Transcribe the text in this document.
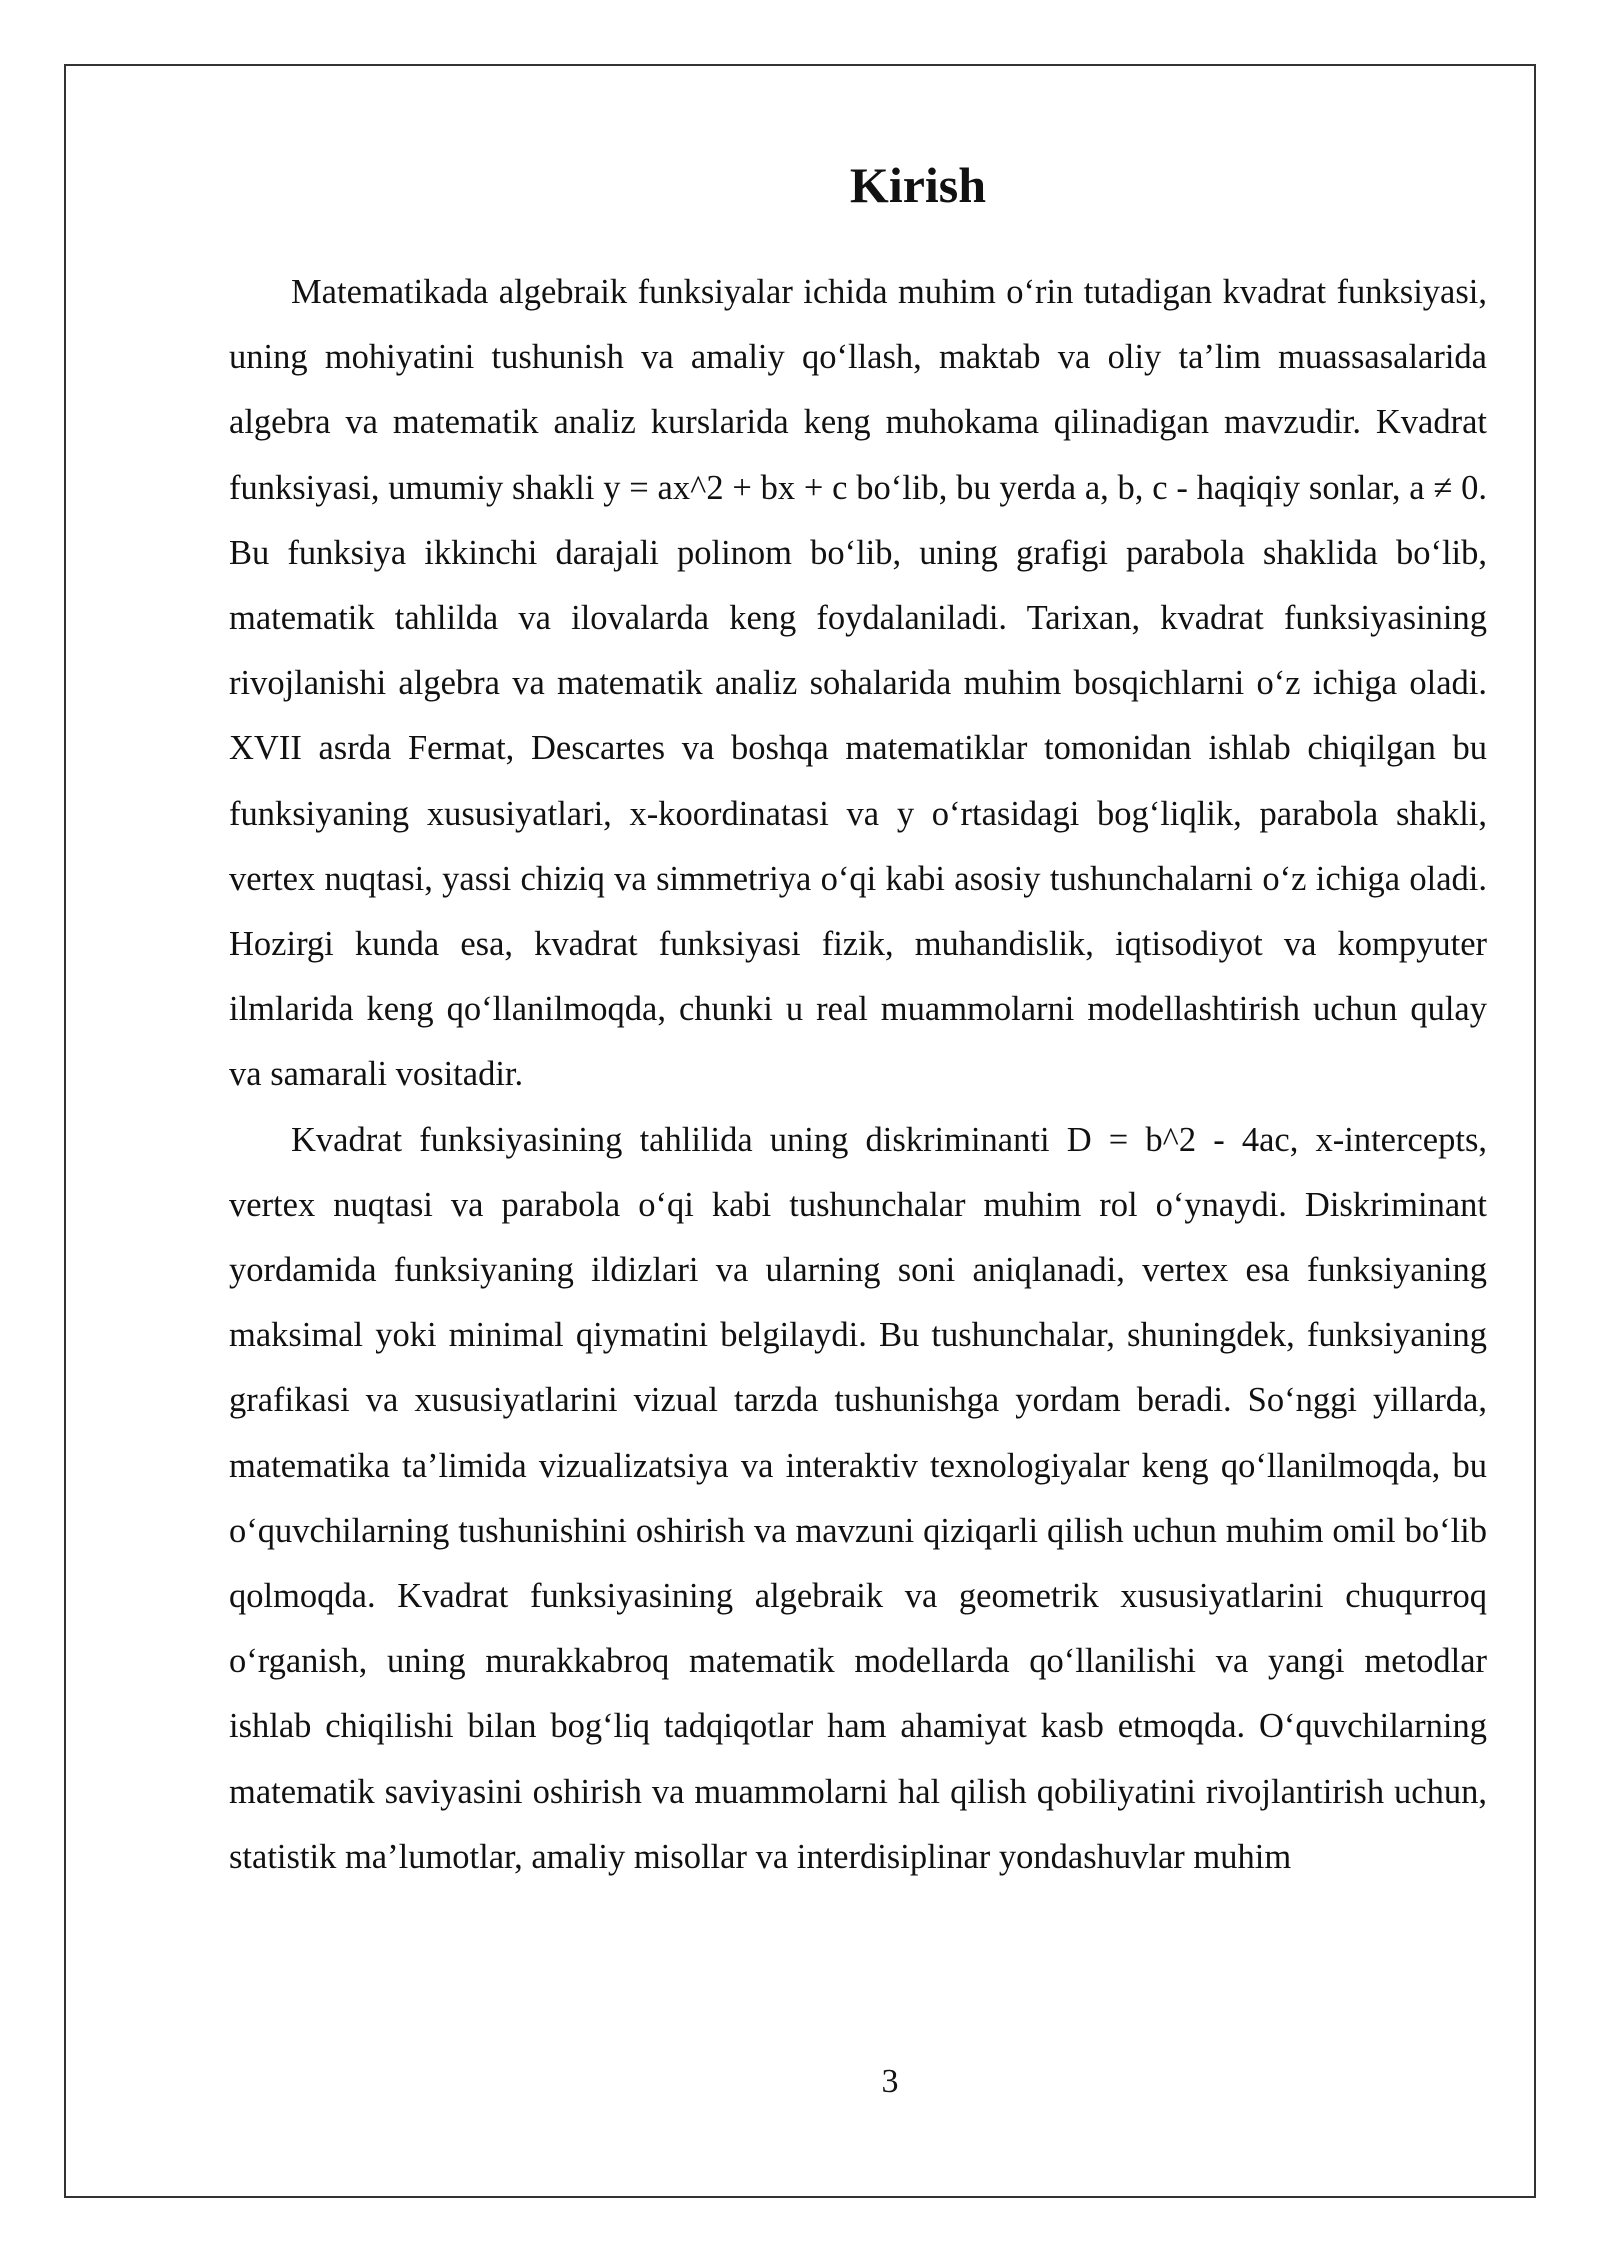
Kirish

Matematikada algebraik funksiyalar ichida muhim o‘rin tutadigan kvadrat funksiyasi, uning mohiyatini tushunish va amaliy qo‘llash, maktab va oliy ta’lim muassasalarida algebra va matematik analiz kurslarida keng muhokama qilinadigan mavzudir. Kvadrat funksiyasi, umumiy shakli y = ax^2 + bx + c bo‘lib, bu yerda a, b, c - haqiqiy sonlar, a ≠ 0. Bu funksiya ikkinchi darajali polinom bo‘lib, uning grafigi parabola shaklida bo‘lib, matematik tahlilda va ilovalarda keng foydalaniladi. Tarixan, kvadrat funksiyasining rivojlanishi algebra va matematik analiz sohalarida muhim bosqichlarni o‘z ichiga oladi. XVII asrda Fermat, Descartes va boshqa matematiklar tomonidan ishlab chiqilgan bu funksiyaning xususiyatlari, x-koordinatasi va y o‘rtasidagi bog‘liqlik, parabola shakli, vertex nuqtasi, yassi chiziq va simmetriya o‘qi kabi asosiy tushunchalarni o‘z ichiga oladi. Hozirgi kunda esa, kvadrat funksiyasi fizik, muhandislik, iqtisodiyot va kompyuter ilmlarida keng qo‘llanilmoqda, chunki u real muammolarni modellashtirish uchun qulay va samarali vositadir.

Kvadrat funksiyasining tahlilida uning diskriminanti D = b^2 - 4ac, x-intercepts, vertex nuqtasi va parabola o‘qi kabi tushunchalar muhim rol o‘ynaydi. Diskriminant yordamida funksiyaning ildizlari va ularning soni aniqlanadi, vertex esa funksiyaning maksimal yoki minimal qiymatini belgilaydi. Bu tushunchalar, shuningdek, funksiyaning grafikasi va xususiyatlarini vizual tarzda tushunishga yordam beradi. So‘nggi yillarda, matematika ta’limida vizualizatsiya va interaktiv texnologiyalar keng qo‘llanilmoqda, bu o‘quvchilarning tushunishini oshirish va mavzuni qiziqarli qilish uchun muhim omil bo‘lib qolmoqda. Kvadrat funksiyasining algebraik va geometrik xususiyatlarini chuqurroq o‘rganish, uning murakkabroq matematik modellarda qo‘llanilishi va yangi metodlar ishlab chiqilishi bilan bog‘liq tadqiqotlar ham ahamiyat kasb etmoqda. O‘quvchilarning matematik saviyasini oshirish va muammolarni hal qilish qobiliyatini rivojlantirish uchun, statistik ma’lumotlar, amaliy misollar va interdisiplinar yondashuvlar muhim

3
